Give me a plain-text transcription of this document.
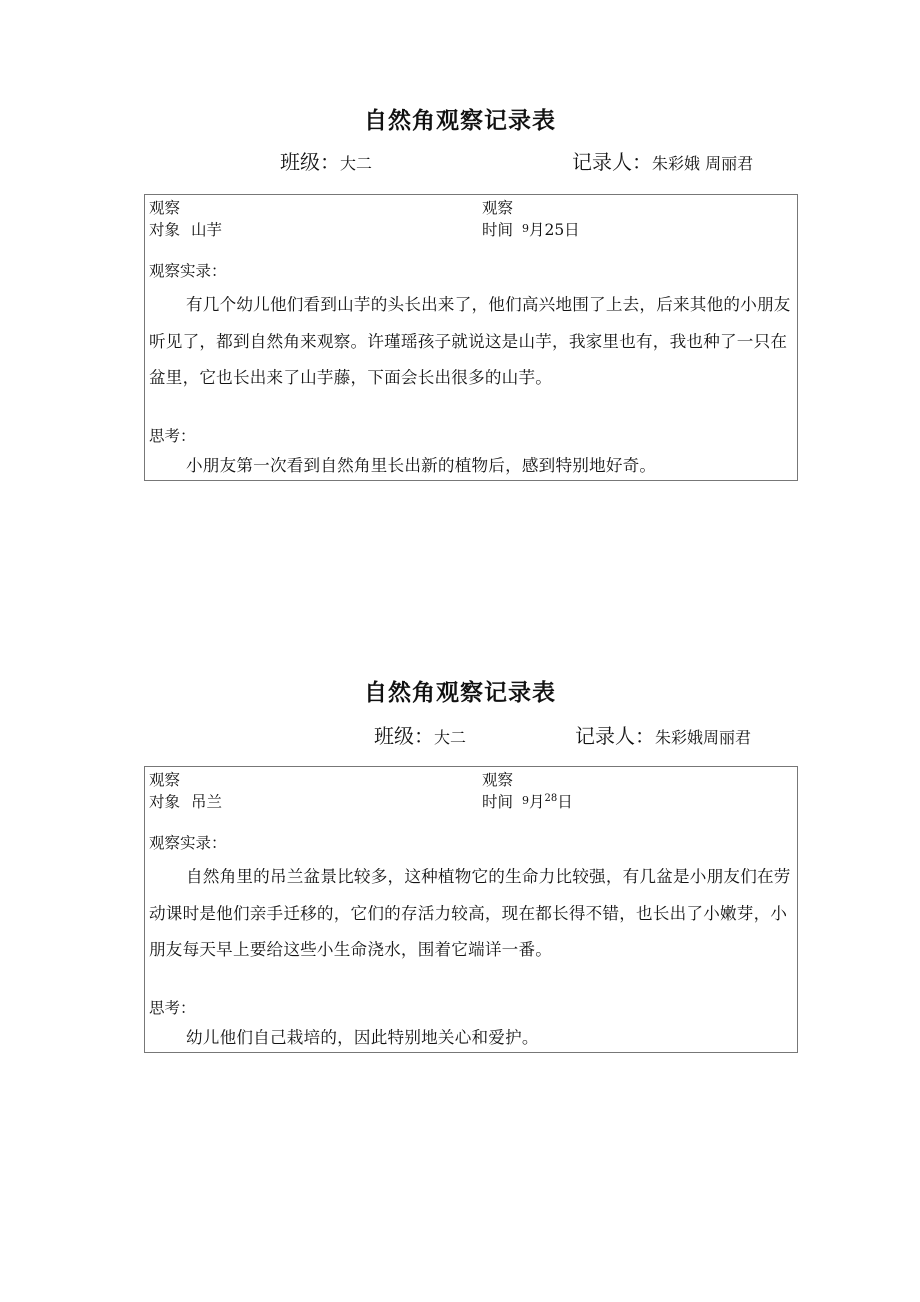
自然角观察记录表
班级：大二	记录人：朱彩娥 周丽君
观察
对象 山芋
观察
时间 $^9$月25日
观察实录：
有几个幼儿他们看到山芋的头长出来了，他们高兴地围了上去，后来其他的小朋友听见了，都到自然角来观察。许瑾瑶孩子就说这是山芋，我家里也有，我也种了一只在盆里，它也长出来了山芋藤，下面会长出很多的山芋。
思考：
小朋友第一次看到自然角里长出新的植物后，感到特别地好奇。
自然角观察记录表
班级：大二	记录人：朱彩娥周丽君
观察
对象 吊兰
观察
时间 $^9$月$^{28}$日
观察实录：
自然角里的吊兰盆景比较多，这种植物它的生命力比较强，有几盆是小朋友们在劳动课时是他们亲手迁移的，它们的存活力较高，现在都长得不错，也长出了小嫩芽，小朋友每天早上要给这些小生命浇水，围着它端详一番。
思考：
幼儿他们自己栽培的，因此特别地关心和爱护。
